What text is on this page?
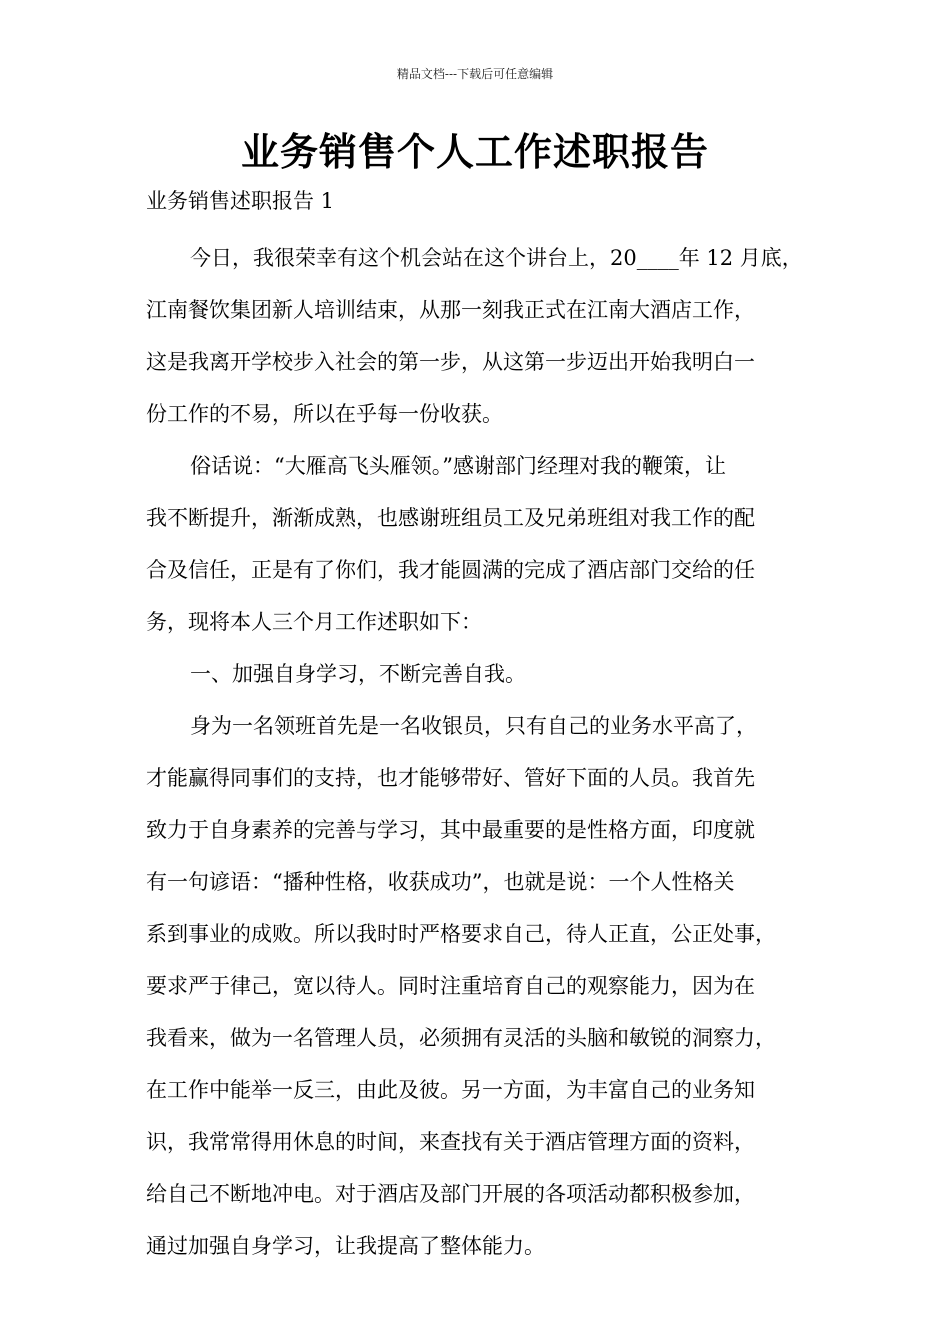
精品文档---下载后可任意编辑
业务销售个人工作述职报告
业务销售述职报告 1
今日，我很荣幸有这个机会站在这个讲台上，20____年 12 月底，
江南餐饮集团新人培训结束，从那一刻我正式在江南大酒店工作，
这是我离开学校步入社会的第一步，从这第一步迈出开始我明白一
份工作的不易，所以在乎每一份收获。
俗话说：“大雁高飞头雁领。”感谢部门经理对我的鞭策，让
我不断提升，渐渐成熟，也感谢班组员工及兄弟班组对我工作的配
合及信任，正是有了你们，我才能圆满的完成了酒店部门交给的任
务，现将本人三个月工作述职如下：
一、加强自身学习，不断完善自我。
身为一名领班首先是一名收银员，只有自己的业务水平高了，
才能赢得同事们的支持，也才能够带好、管好下面的人员。我首先
致力于自身素养的完善与学习，其中最重要的是性格方面，印度就
有一句谚语：“播种性格，收获成功”，也就是说：一个人性格关
系到事业的成败。所以我时时严格要求自己，待人正直，公正处事，
要求严于律己，宽以待人。同时注重培育自己的观察能力，因为在
我看来，做为一名管理人员，必须拥有灵活的头脑和敏锐的洞察力，
在工作中能举一反三，由此及彼。另一方面，为丰富自己的业务知
识，我常常得用休息的时间，来查找有关于酒店管理方面的资料，
给自己不断地冲电。对于酒店及部门开展的各项活动都积极参加，
通过加强自身学习，让我提高了整体能力。
